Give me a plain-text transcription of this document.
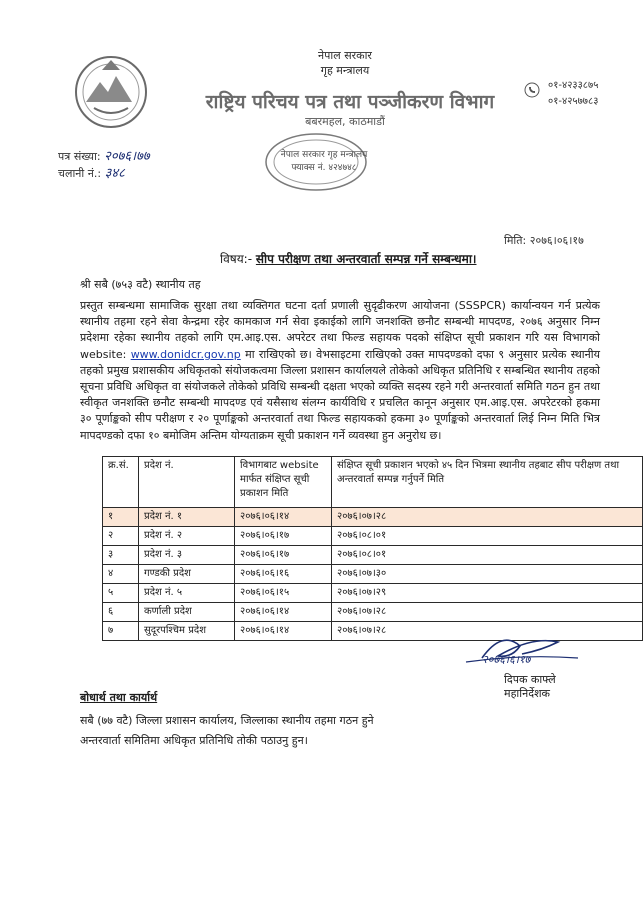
नेपाल सरकार
गृह मन्त्रालय
राष्ट्रिय परिचय पत्र तथा पञ्जीकरण विभाग
बबरमहल, काठमाडौं
०१-४२३३८७५
०१-४२५७७८३
नेपाल सरकार गृह मन्त्रालय फ्याक्स नं. ४२४७४८
पत्र संख्या: २०७६।७७
चलानी नं.: ३४८
मिति: २०७६।०६।१७
विषय:- सीप परीक्षण तथा अन्तरवार्ता सम्पन्न गर्ने सम्बन्धमा।
श्री सबै (७५३ वटै) स्थानीय तह
प्रस्तुत सम्बन्धमा सामाजिक सुरक्षा तथा व्यक्तिगत घटना दर्ता प्रणाली सुदृढीकरण आयोजना (SSSPCR) कार्यान्वयन गर्न प्रत्येक स्थानीय तहमा रहने सेवा केन्द्रमा रहेर कामकाज गर्न सेवा इकाईको लागि जनशक्ति छनौट सम्बन्धी मापदण्ड, २०७६ अनुसार निम्न प्रदेशमा रहेका स्थानीय तहको लागि एम.आइ.एस. अपरेटर तथा फिल्ड सहायक पदको संक्षिप्त सूची प्रकाशन गरि यस विभागको website: www.donidcr.gov.np मा राखिएको छ। वेभसाइटमा राखिएको उक्त मापदण्डको दफा ९ अनुसार प्रत्येक स्थानीय तहको प्रमुख प्रशासकीय अधिकृतको संयोजकत्वमा जिल्ला प्रशासन कार्यालयले तोकेको अधिकृत प्रतिनिधि र सम्बन्धित स्थानीय तहको सूचना प्रविधि अधिकृत वा संयोजकले तोकेको प्रविधि सम्बन्धी दक्षता भएको व्यक्ति सदस्य रहने गरी अन्तरवार्ता समिति गठन हुन तथा स्वीकृत जनशक्ति छनौट सम्बन्धी मापदण्ड एवं यसैसाथ संलग्न कार्यविधि र प्रचलित कानून अनुसार एम.आइ.एस. अपरेटरको हकमा ३० पूर्णाङ्कको सीप परीक्षण र २० पूर्णाङ्कको अन्तरवार्ता तथा फिल्ड सहायकको हकमा ३० पूर्णाङ्कको अन्तरवार्ता लिई निम्न मिति भित्र मापदण्डको दफा १० बमोजिम अन्तिम योग्यताक्रम सूची प्रकाशन गर्ने व्यवस्था हुन अनुरोध छ।
क्र.सं.	प्रदेश नं.	विभागबाट website मार्फत संक्षिप्त सूची प्रकाशन मिति	संक्षिप्त सूची प्रकाशन भएको ४५ दिन भित्रमा स्थानीय तहबाट सीप परीक्षण तथा अन्तरवार्ता सम्पन्न गर्नुपर्ने मिति
१	प्रदेश नं. १	२०७६।०६।१४	२०७६।०७।२८
२	प्रदेश नं. २	२०७६।०६।१७	२०७६।०८।०१
३	प्रदेश नं. ३	२०७६।०६।१७	२०७६।०८।०१
४	गण्डकी प्रदेश	२०७६।०६।१६	२०७६।०७।३०
५	प्रदेश नं. ५	२०७६।०६।१५	२०७६।०७।२९
६	कर्णाली प्रदेश	२०७६।०६।१४	२०७६।०७।२८
७	सुदूरपश्चिम प्रदेश	२०७६।०६।१४	२०७६।०७।२८
२०७६।६।१७
दिपक काफ्ले
महानिर्देशक
बोधार्थ तथा कार्यार्थ
सबै (७७ वटै) जिल्ला प्रशासन कार्यालय, जिल्लाका स्थानीय तहमा गठन हुने अन्तरवार्ता समितिमा अधिकृत प्रतिनिधि तोकी पठाउनु हुन।
